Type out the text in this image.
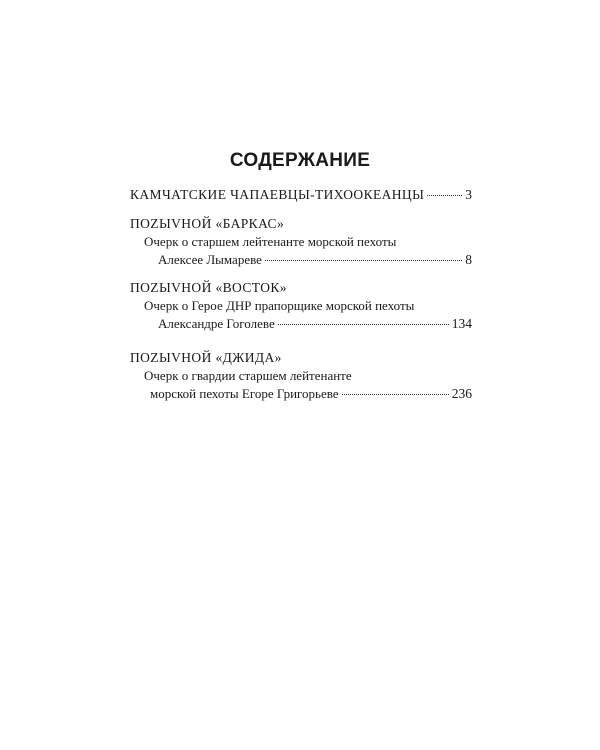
СОДЕРЖАНИЕ
КАМЧАТСКИЕ ЧАПАЕВЦЫ-ТИХООКЕАНЦЫ	3
ПОZЫVНОЙ «БАРКАС»
Очерк о старшем лейтенанте морской пехоты
Алексее Лымареве	8
ПОZЫVНОЙ «ВОСТОК»
Очерк о Герое ДНР прапорщике морской пехоты
Александре Гоголеве	134
ПОZЫVНОЙ «ДЖИДА»
Очерк о гвардии старшем лейтенанте
морской пехоты Егоре Григорьеве	236
